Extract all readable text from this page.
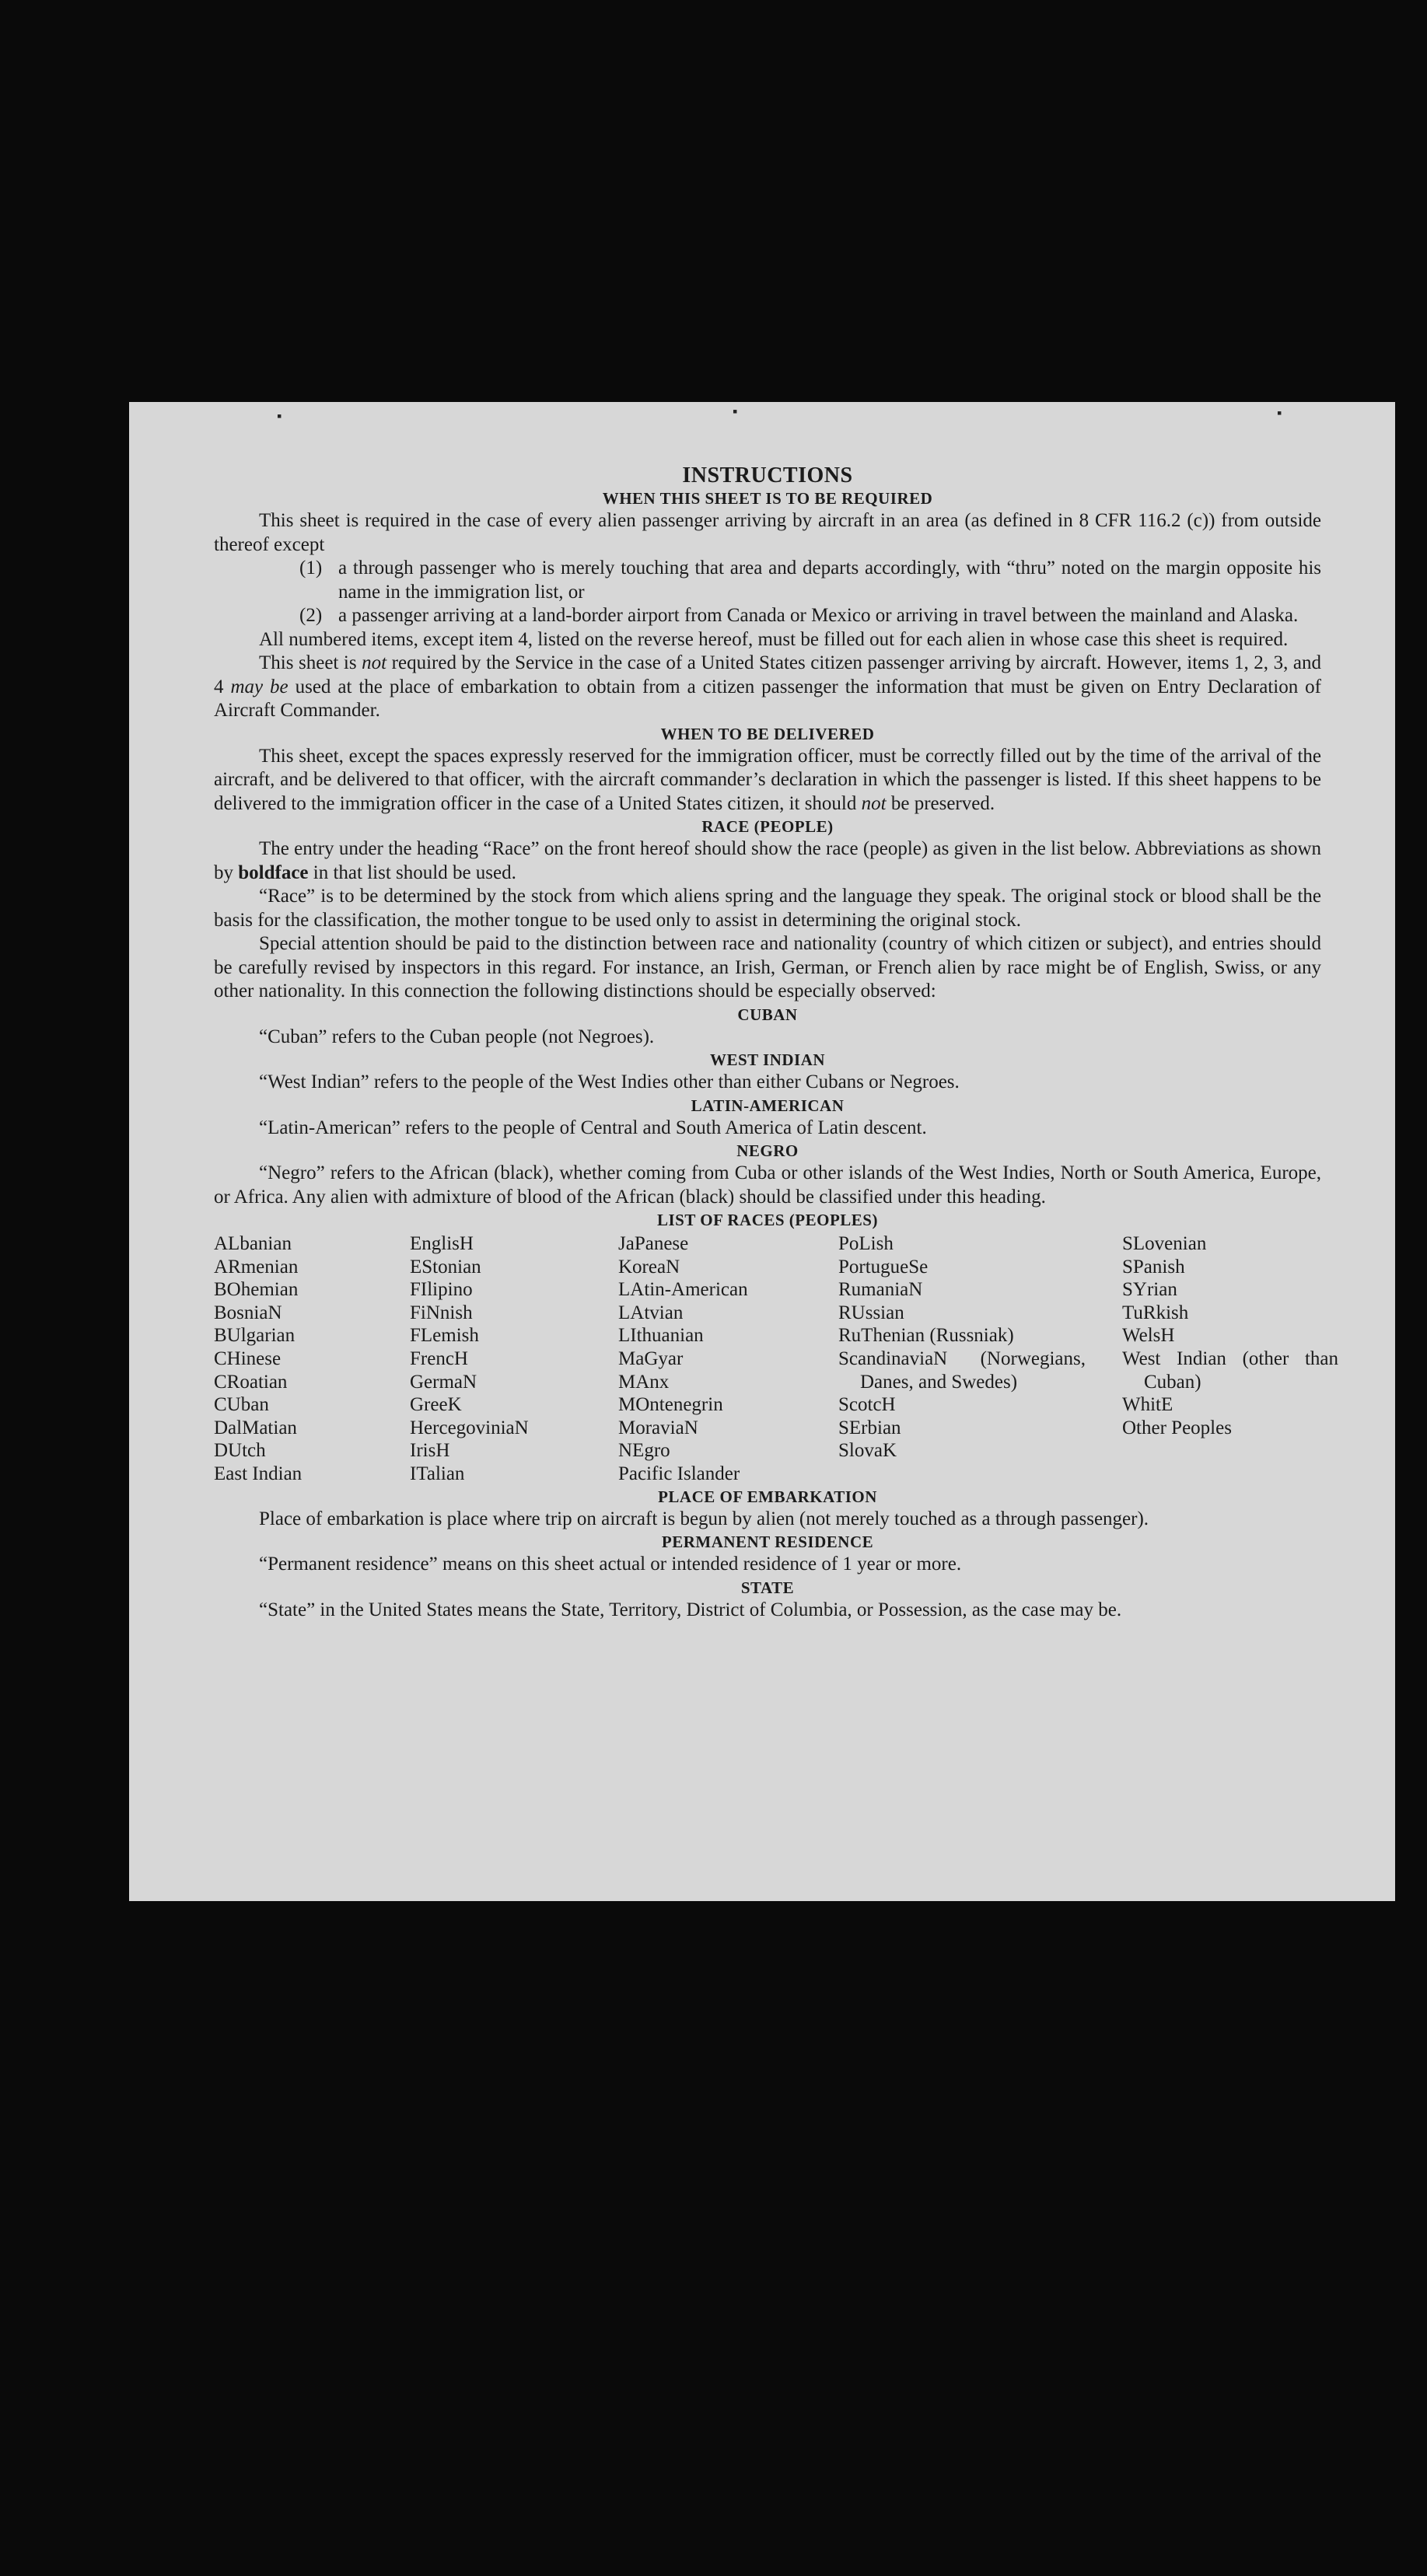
▪	▪	▪

INSTRUCTIONS

WHEN THIS SHEET IS TO BE REQUIRED

This sheet is required in the case of every alien passenger arriving by aircraft in an area (as defined in 8 CFR 116.2 (c)) from outside thereof except

(1) a through passenger who is merely touching that area and departs accordingly, with “thru” noted on the margin opposite his name in the immigration list, or
(2) a passenger arriving at a land-border airport from Canada or Mexico or arriving in travel between the mainland and Alaska.

All numbered items, except item 4, listed on the reverse hereof, must be filled out for each alien in whose case this sheet is required.

This sheet is not required by the Service in the case of a United States citizen passenger arriving by aircraft. However, items 1, 2, 3, and 4 may be used at the place of embarkation to obtain from a citizen passenger the information that must be given on Entry Declaration of Aircraft Commander.

WHEN TO BE DELIVERED

This sheet, except the spaces expressly reserved for the immigration officer, must be correctly filled out by the time of the arrival of the aircraft, and be delivered to that officer, with the aircraft commander’s declaration in which the passenger is listed. If this sheet happens to be delivered to the immigration officer in the case of a United States citizen, it should not be preserved.

RACE (PEOPLE)

The entry under the heading “Race” on the front hereof should show the race (people) as given in the list below. Abbreviations as shown by boldface in that list should be used.

“Race” is to be determined by the stock from which aliens spring and the language they speak. The original stock or blood shall be the basis for the classification, the mother tongue to be used only to assist in determining the original stock.

Special attention should be paid to the distinction between race and nationality (country of which citizen or subject), and entries should be carefully revised by inspectors in this regard. For instance, an Irish, German, or French alien by race might be of English, Swiss, or any other nationality. In this connection the following distinctions should be especially observed:

CUBAN

“Cuban” refers to the Cuban people (not Negroes).

WEST INDIAN

“West Indian” refers to the people of the West Indies other than either Cubans or Negroes.

LATIN-AMERICAN

“Latin-American” refers to the people of Central and South America of Latin descent.

NEGRO

“Negro” refers to the African (black), whether coming from Cuba or other islands of the West Indies, North or South America, Europe, or Africa. Any alien with admixture of blood of the African (black) should be classified under this heading.

LIST OF RACES (PEOPLES)

ALbanian
ARmenian
BOhemian
BosniaN
BUlgarian
CHinese
CRoatian
CUban
DalMatian
DUtch
East Indian
EnglisH
EStonian
FIlipino
FiNnish
FLemish
FrencH
GermaN
GreeK
HercegoviniaN
IrisH
ITalian
JaPanese
KoreaN
LAtin-American
LAtvian
LIthuanian
MaGyar
MAnx
MOntenegrin
MoraviaN
NEgro
Pacific Islander
PoLish
PortugueSe
RumaniaN
RUssian
RuThenian (Russniak)
ScandinaviaN (Norwegians, Danes, and Swedes)
ScotcH
SErbian
SlovaK
SLovenian
SPanish
SYrian
TuRkish
WelsH
West Indian (other than Cuban)
WhitE
Other Peoples

PLACE OF EMBARKATION

Place of embarkation is place where trip on aircraft is begun by alien (not merely touched as a through passenger).

PERMANENT RESIDENCE

“Permanent residence” means on this sheet actual or intended residence of 1 year or more.

STATE

“State” in the United States means the State, Territory, District of Columbia, or Possession, as the case may be.
